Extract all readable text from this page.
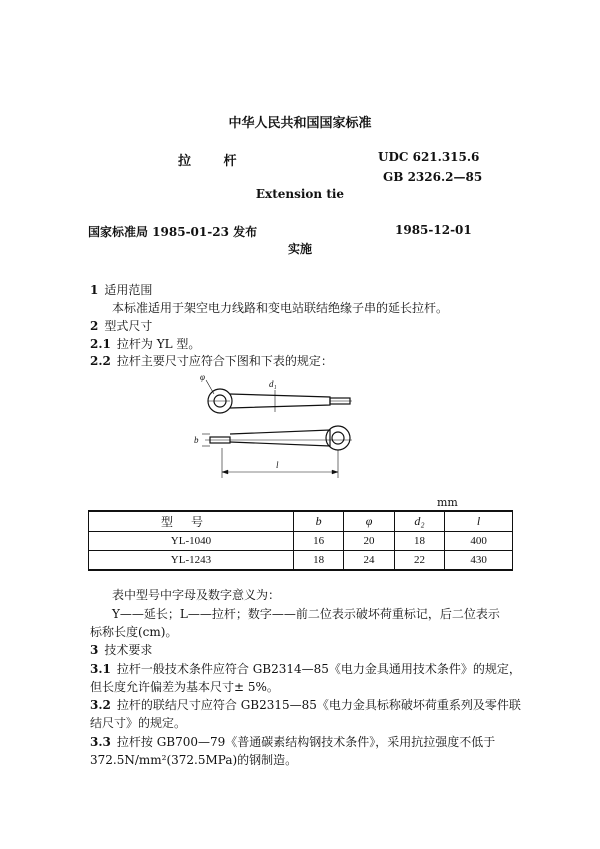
中华人民共和国国家标准
拉 杆	UDC 621.315.6
GB 2326.2—85
Extension tie
国家标准局 1985-01-23 发布	1985-12-01
实施
1 适用范围
本标准适用于架空电力线路和变电站联结绝缘子串的延长拉杆。
2 型式尺寸
2.1 拉杆为 YL 型。
2.2 拉杆主要尺寸应符合下图和下表的规定：
φ
d₁
b
l
mm
型号	b	φ	d₂	l
YL-1040	16	20	18	400
YL-1243	18	24	22	430
表中型号中字母及数字意义为：
Y——延长；L——拉杆；数字——前二位表示破坏荷重标记，后二位表示
标称长度(cm)。
3 技术要求
3.1 拉杆一般技术条件应符合 GB2314—85《电力金具通用技术条件》的规定，
但长度允许偏差为基本尺寸± 5%。
3.2 拉杆的联结尺寸应符合 GB2315—85《电力金具标称破坏荷重系列及零件联
结尺寸》的规定。
3.3 拉杆按 GB700—79《普通碳素结构钢技术条件》，采用抗拉强度不低于
372.5N/mm²(372.5MPa)的钢制造。
